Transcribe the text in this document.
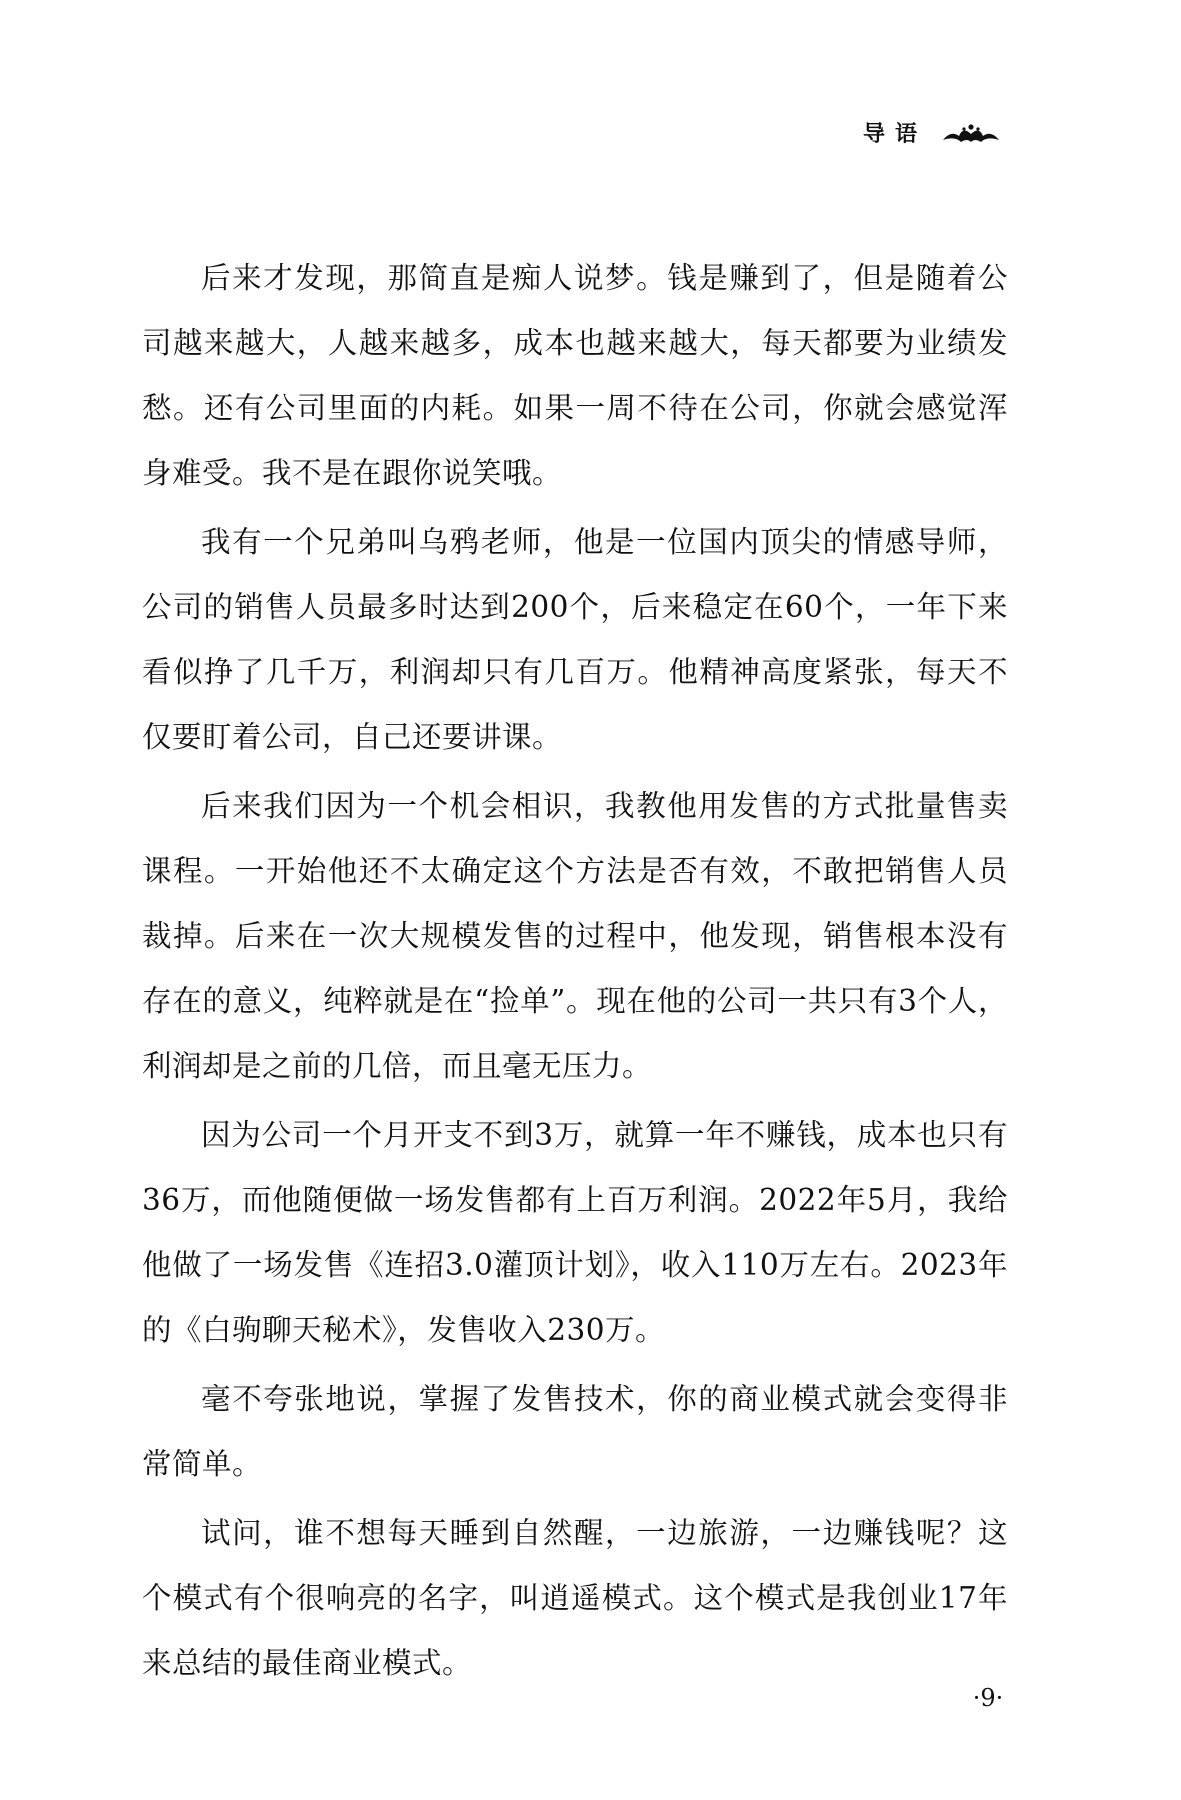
导语

后来才发现，那简直是痴人说梦。钱是赚到了，但是随着公司越来越大，人越来越多，成本也越来越大，每天都要为业绩发愁。还有公司里面的内耗。如果一周不待在公司，你就会感觉浑身难受。我不是在跟你说笑哦。

我有一个兄弟叫乌鸦老师，他是一位国内顶尖的情感导师，公司的销售人员最多时达到200个，后来稳定在60个，一年下来看似挣了几千万，利润却只有几百万。他精神高度紧张，每天不仅要盯着公司，自己还要讲课。

后来我们因为一个机会相识，我教他用发售的方式批量售卖课程。一开始他还不太确定这个方法是否有效，不敢把销售人员裁掉。后来在一次大规模发售的过程中，他发现，销售根本没有存在的意义，纯粹就是在“捡单”。现在他的公司一共只有3个人，利润却是之前的几倍，而且毫无压力。

因为公司一个月开支不到3万，就算一年不赚钱，成本也只有36万，而他随便做一场发售都有上百万利润。2022年5月，我给他做了一场发售《连招3.0灌顶计划》，收入110万左右。2023年的《白驹聊天秘术》，发售收入230万。

毫不夸张地说，掌握了发售技术，你的商业模式就会变得非常简单。

试问，谁不想每天睡到自然醒，一边旅游，一边赚钱呢？这个模式有个很响亮的名字，叫逍遥模式。这个模式是我创业17年来总结的最佳商业模式。

·9·
